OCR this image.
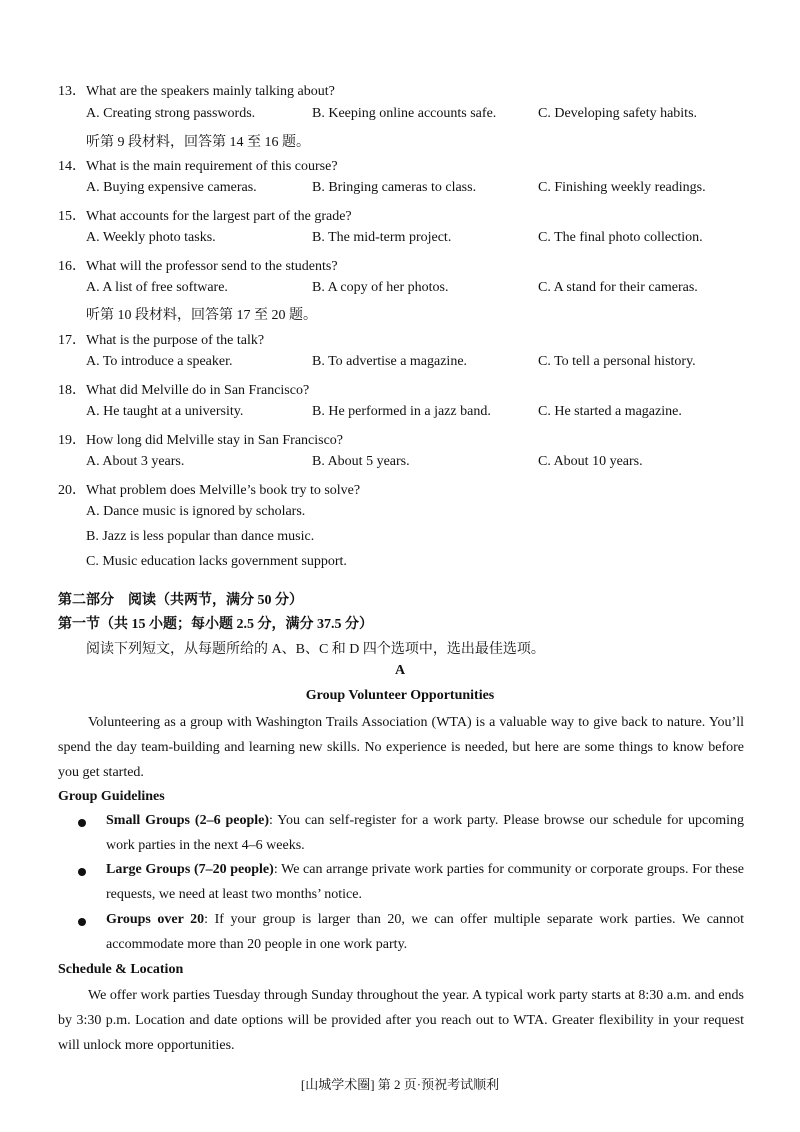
13．What are the speakers mainly talking about?
A. Creating strong passwords.	B. Keeping online accounts safe.	C. Developing safety habits.
听第 9 段材料，回答第 14 至 16 题。
14．What is the main requirement of this course?
A. Buying expensive cameras.	B. Bringing cameras to class.	C. Finishing weekly readings.
15．What accounts for the largest part of the grade?
A. Weekly photo tasks.	B. The mid-term project.	C. The final photo collection.
16．What will the professor send to the students?
A. A list of free software.	B. A copy of her photos.	C. A stand for their cameras.
听第 10 段材料，回答第 17 至 20 题。
17．What is the purpose of the talk?
A. To introduce a speaker.	B. To advertise a magazine.	C. To tell a personal history.
18．What did Melville do in San Francisco?
A. He taught at a university.	B. He performed in a jazz band.	C. He started a magazine.
19．How long did Melville stay in San Francisco?
A. About 3 years.	B. About 5 years.	C. About 10 years.
20．What problem does Melville’s book try to solve?
A. Dance music is ignored by scholars.
B. Jazz is less popular than dance music.
C. Music education lacks government support.
第二部分　阅读（共两节，满分 50 分）
第一节（共 15 小题；每小题 2.5 分，满分 37.5 分）
阅读下列短文，从每题所给的 A、B、C 和 D 四个选项中，选出最佳选项。
A
Group Volunteer Opportunities
Volunteering as a group with Washington Trails Association (WTA) is a valuable way to give back to nature. You’ll spend the day team-building and learning new skills. No experience is needed, but here are some things to know before you get started.
Group Guidelines
Small Groups (2–6 people): You can self-register for a work party. Please browse our schedule for upcoming work parties in the next 4–6 weeks.
Large Groups (7–20 people): We can arrange private work parties for community or corporate groups. For these requests, we need at least two months’ notice.
Groups over 20: If your group is larger than 20, we can offer multiple separate work parties. We cannot accommodate more than 20 people in one work party.
Schedule & Location
We offer work parties Tuesday through Sunday throughout the year. A typical work party starts at 8:30 a.m. and ends by 3:30 p.m. Location and date options will be provided after you reach out to WTA. Greater flexibility in your request will unlock more opportunities.
[山城学术圈] 第 2 页·预祝考试顺利
